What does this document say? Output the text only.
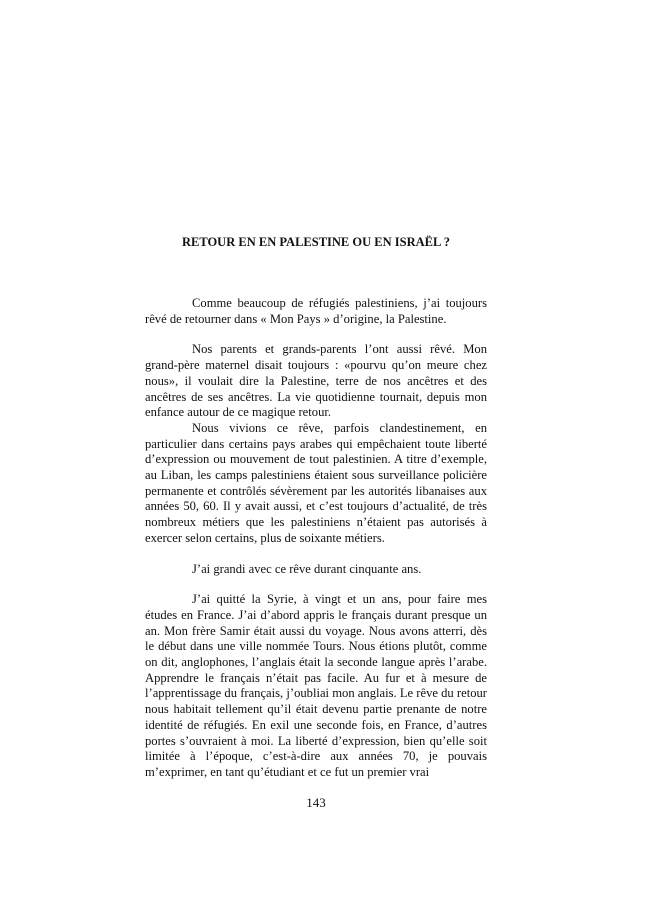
RETOUR EN EN PALESTINE OU EN ISRAËL ?

Comme beaucoup de réfugiés palestiniens, j’ai toujours rêvé de retourner dans « Mon Pays » d’origine, la Palestine.

Nos parents et grands-parents l’ont aussi rêvé. Mon grand-père maternel disait toujours : «pourvu qu’on meure chez nous», il voulait dire la Palestine, terre de nos ancêtres et des ancêtres de ses ancêtres. La vie quotidienne tournait, depuis mon enfance autour de ce magique retour.

Nous vivions ce rêve, parfois clandestinement, en particulier dans certains pays arabes qui empêchaient toute liberté d’expression ou mouvement de tout palestinien. A titre d’exemple, au Liban, les camps palestiniens étaient sous surveillance policière permanente et contrôlés sévèrement par les autorités libanaises aux années 50, 60. Il y avait aussi, et c’est toujours d’actualité, de très nombreux métiers que les palestiniens n’étaient pas autorisés à exercer selon certains, plus de soixante métiers.

J’ai grandi avec ce rêve durant cinquante ans.

J’ai quitté la Syrie, à vingt et un ans, pour faire mes études en France. J’ai d’abord appris le français durant presque un an. Mon frère Samir était aussi du voyage. Nous avons atterri, dès le début dans une ville nommée Tours. Nous étions plutôt, comme on dit, anglophones, l’anglais était la seconde langue après l’arabe. Apprendre le français n’était pas facile. Au fur et à mesure de l’apprentissage du français, j’oubliai mon anglais. Le rêve du retour nous habitait tellement qu’il était devenu partie prenante de notre identité de réfugiés. En exil une seconde fois, en France, d’autres portes s’ouvraient à moi. La liberté d’expression, bien qu’elle soit limitée à l’époque, c’est-à-dire aux années 70, je pouvais m’exprimer, en tant qu’étudiant et ce fut un premier vrai

143
